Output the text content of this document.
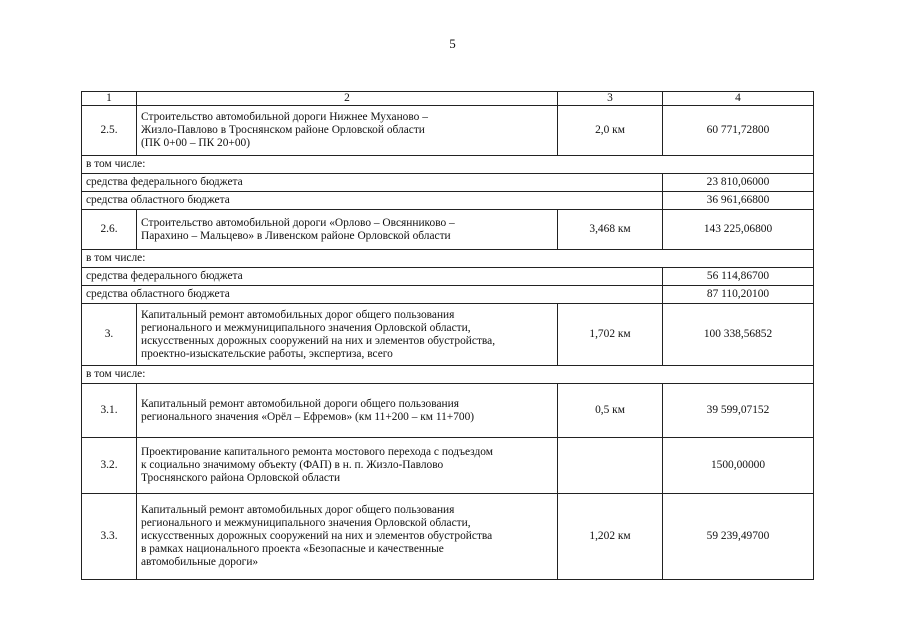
5
1	2	3	4
2.5.	Строительство автомобильной дороги Нижнее Муханово –
Жизло-Павлово в Троснянском районе Орловской области
(ПК 0+00 – ПК 20+00)	2,0 км	60 771,72800
в том числе:			
средства федерального бюджета			23 810,06000
средства областного бюджета			36 961,66800
2.6.	Строительство автомобильной дороги «Орлово – Овсянниково –
Парахино – Мальцево» в Ливенском районе Орловской области	3,468 км	143 225,06800
в том числе:			
средства федерального бюджета			56 114,86700
средства областного бюджета			87 110,20100
3.	Капитальный ремонт автомобильных дорог общего пользования
регионального и межмуниципального значения Орловской области,
искусственных дорожных сооружений на них и элементов обустройства,
проектно-изыскательские работы, экспертиза, всего	1,702 км	100 338,56852
в том числе:			
3.1.	Капитальный ремонт автомобильной дороги общего пользования
регионального значения «Орёл – Ефремов» (км 11+200 – км 11+700)	0,5 км	39 599,07152
3.2.	Проектирование капитального ремонта мостового перехода с подъездом
к социально значимому объекту (ФАП) в н. п. Жизло-Павлово
Троснянского района Орловской области		1500,00000
3.3.	Капитальный ремонт автомобильных дорог общего пользования
регионального и межмуниципального значения Орловской области,
искусственных дорожных сооружений на них и элементов обустройства
в рамках национального проекта «Безопасные и качественные
автомобильные дороги»	1,202 км	59 239,49700
